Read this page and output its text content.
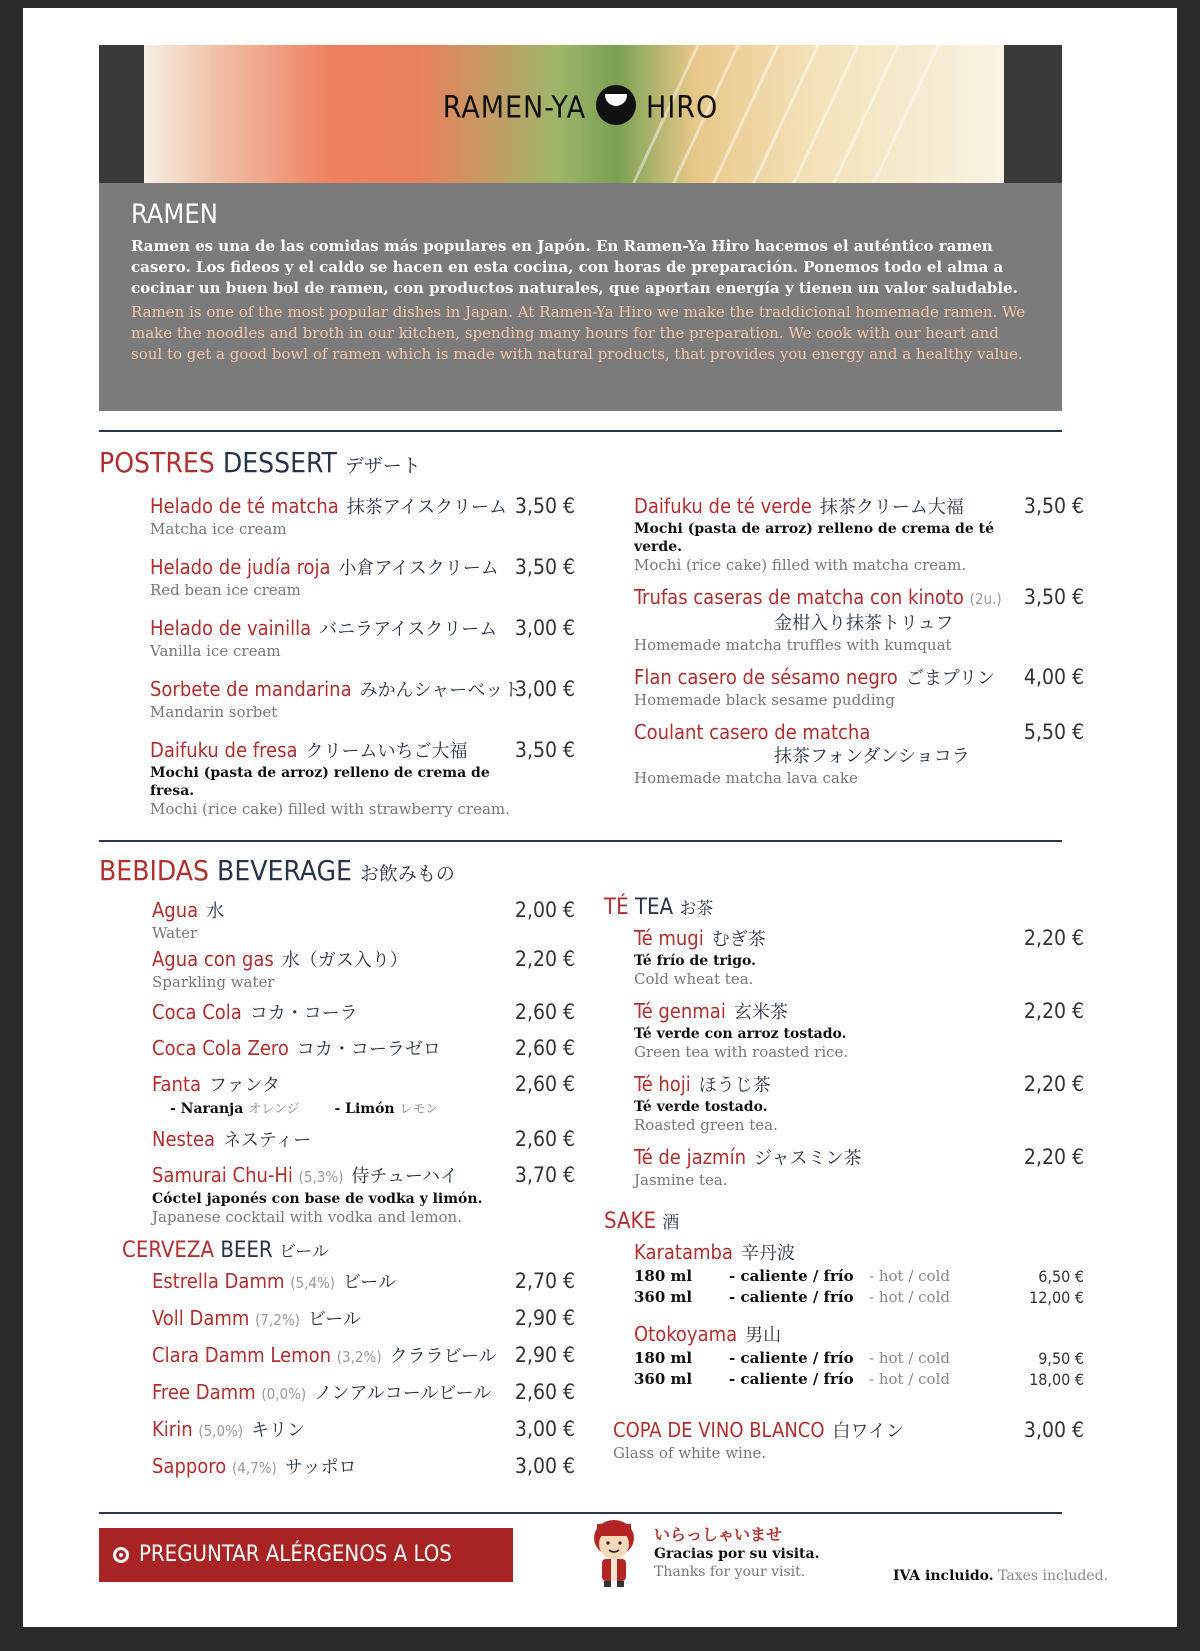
RAMEN-YA HIRO
RAMEN

Ramen es una de las comidas más populares en Japón. En Ramen-Ya Hiro hacemos el auténtico ramen casero. Los fideos y el caldo se hacen en esta cocina, con horas de preparación. Ponemos todo el alma a cocinar un buen bol de ramen, con productos naturales, que aportan energía y tienen un valor saludable.

Ramen is one of the most popular dishes in Japan. At Ramen-Ya Hiro we make the traddicional homemade ramen. We make the noodles and broth in our kitchen, spending many hours for the preparation. We cook with our heart and soul to get a good bowl of ramen which is made with natural products, that provides you energy and a healthy value.

POSTRES DESSERT デザート
Helado de té matcha 抹茶アイスクリーム 3,50 €
Matcha ice cream
Helado de judía roja 小倉アイスクリーム 3,50 €
Red bean ice cream
Helado de vainilla バニラアイスクリーム 3,00 €
Vanilla ice cream
Sorbete de mandarina みかんシャーベット
3,00 €
Mandarin sorbet
Daifuku de fresa クリームいちご大福	3,50 €
Mochi (pasta de arroz) relleno de crema de fresa.
Mochi (rice cake) filled with strawberry cream.
Daifuku de té verde 抹茶クリーム大福	3,50 €
Mochi (pasta de arroz) relleno de crema de té verde.
Mochi (rice cake) filled with matcha cream.
Trufas caseras de matcha con kinoto (2u.)
金柑入り抹茶トリュフ
3,50 €
Homemade matcha truffles with kumquat
Flan casero de sésamo negro ごまプリン	4,00 €
Homemade black sesame pudding
Coulant casero de matcha
抹茶フォンダンショコラ
5,50 €
Homemade matcha lava cake
BEBIDAS BEVERAGE お飲みもの
Agua 水	2,00 €
Water
Agua con gas 水（ガス入り）	2,20 €
Sparkling water
Coca Cola コカ・コーラ	2,60 €
Coca Cola Zero コカ・コーラゼロ	2,60 €
Fanta ファンタ	2,60 €
- Naranja オレンジ - Limón レモン
Nestea ネスティー	2,60 €
Samurai Chu-Hi (5,3%) 侍チューハイ	3,70 €
Cóctel japonés con base de vodka y limón.
Japanese cocktail with vodka and lemon.
CERVEZA BEER ビール
Estrella Damm (5,4%) ビール	2,70 €
Voll Damm (7,2%) ビール	2,90 €
Clara Damm Lemon (3,2%) クララビール 2,90 €
Free Damm (0,0%) ノンアルコールビール	2,60 €
Kirin (5,0%) キリン	3,00 €
Sapporo (4,7%) サッポロ	3,00 €
TÉ TEA お茶
Té mugi むぎ茶	2,20 €
Té frío de trigo.
Cold wheat tea.
Té genmai 玄米茶	2,20 €
Té verde con arroz tostado.
Green tea with roasted rice.
Té hoji ほうじ茶	2,20 €
Té verde tostado.
Roasted green tea.
Té de jazmín ジャスミン茶	2,20 €
Jasmine tea.
SAKE 酒
Karatamba 辛丹波
180 ml	- caliente / frío	- hot / cold	6,50 €
360 ml	- caliente / frío	- hot / cold	12,00 €
Otokoyama 男山
180 ml	- caliente / frío	- hot / cold	9,50 €
360 ml	- caliente / frío	- hot / cold	18,00 €
COPA DE VINO BLANCO 白ワイン	3,00 €
Glass of white wine.
PREGUNTAR ALÉRGENOS A LOS CAMAREROS
いらっしゃいませ
Gracias por su visita.
Thanks for your visit.	IVA incluido. Taxes included.
